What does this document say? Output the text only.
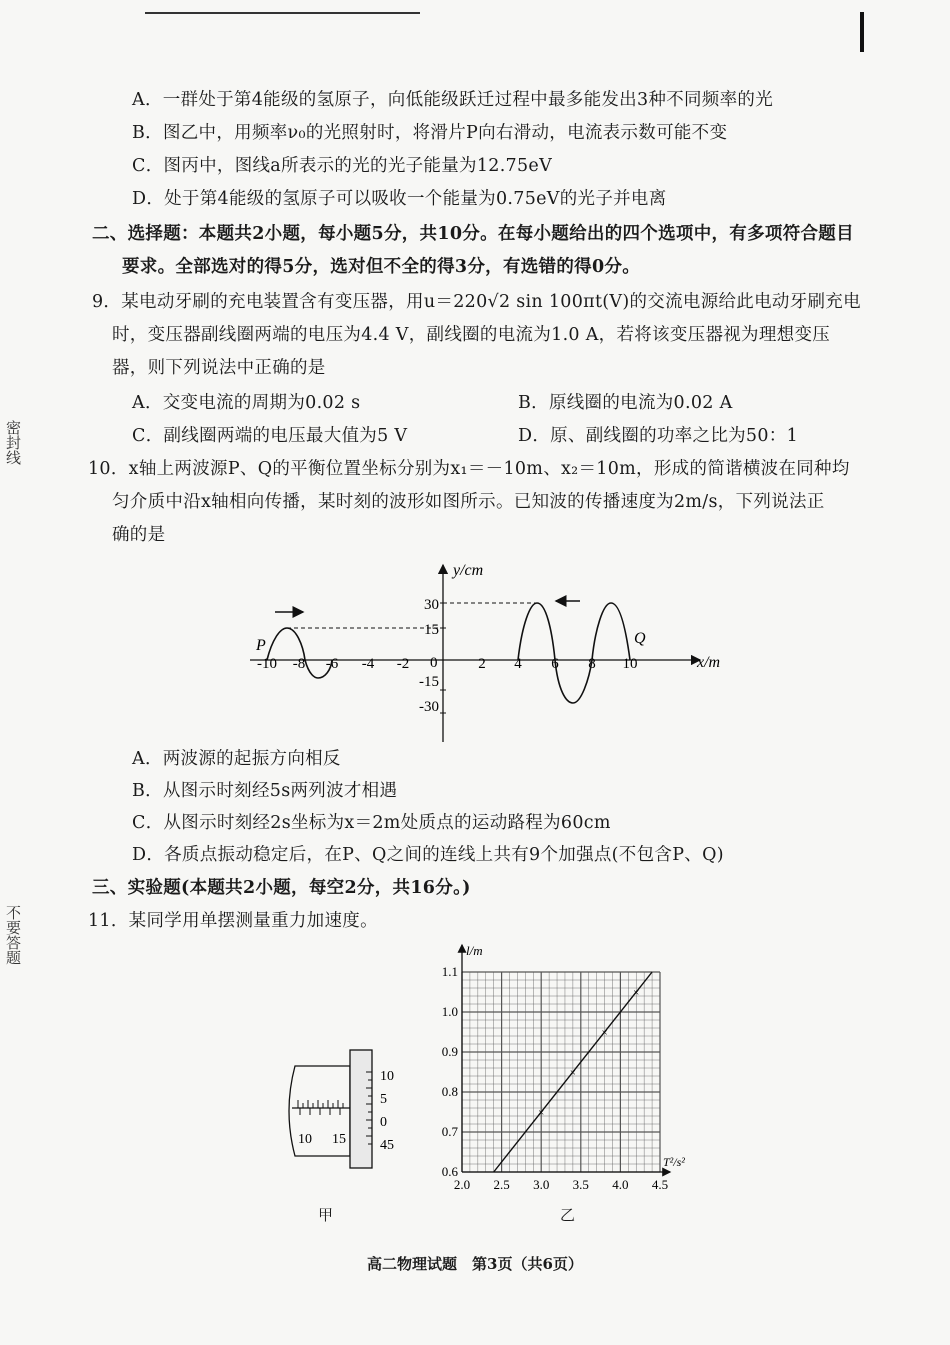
密封线
不要答题
A．一群处于第4能级的氢原子，向低能级跃迁过程中最多能发出3种不同频率的光
B．图乙中，用频率ν₀的光照射时，将滑片P向右滑动，电流表示数可能不变
C．图丙中，图线a所表示的光的光子能量为12.75eV
D．处于第4能级的氢原子可以吸收一个能量为0.75eV的光子并电离
二、选择题：本题共2小题，每小题5分，共10分。在每小题给出的四个选项中，有多项符合题目
要求。全部选对的得5分，选对但不全的得3分，有选错的得0分。
9．某电动牙刷的充电装置含有变压器，用u＝220√2 sin 100πt(V)的交流电源给此电动牙刷充电
时，变压器副线圈两端的电压为4.4 V，副线圈的电流为1.0 A，若将该变压器视为理想变压
器，则下列说法中正确的是
A．交变电流的周期为0.02 s	B．原线圈的电流为0.02 A
C．副线圈两端的电压最大值为5 V	D．原、副线圈的功率之比为50：1
10．x轴上两波源P、Q的平衡位置坐标分别为x₁＝－10m、x₂＝10m，形成的简谐横波在同种均
匀介质中沿x轴相向传播，某时刻的波形如图所示。已知波的传播速度为2m/s，下列说法正
确的是
y/cm
x/m
0
-10 -8 -6 -4 -2	2 4 6 8 10
30
15
-15
-30
P	Q
A．两波源的起振方向相反
B．从图示时刻经5s两列波才相遇
C．从图示时刻经2s坐标为x＝2m处质点的运动路程为60cm
D．各质点振动稳定后，在P、Q之间的连线上共有9个加强点(不包含P、Q)
三、实验题(本题共2小题，每空2分，共16分。)
11．某同学用单摆测量重力加速度。
10 15
10
5
0
45
甲
l/m
T²/s²
2.0 2.5 3.0 3.5 4.0 4.5
0.6
0.7
0.8
0.9
1.0
1.1
×
×
×
×
乙
高二物理试题　第3页（共6页）
